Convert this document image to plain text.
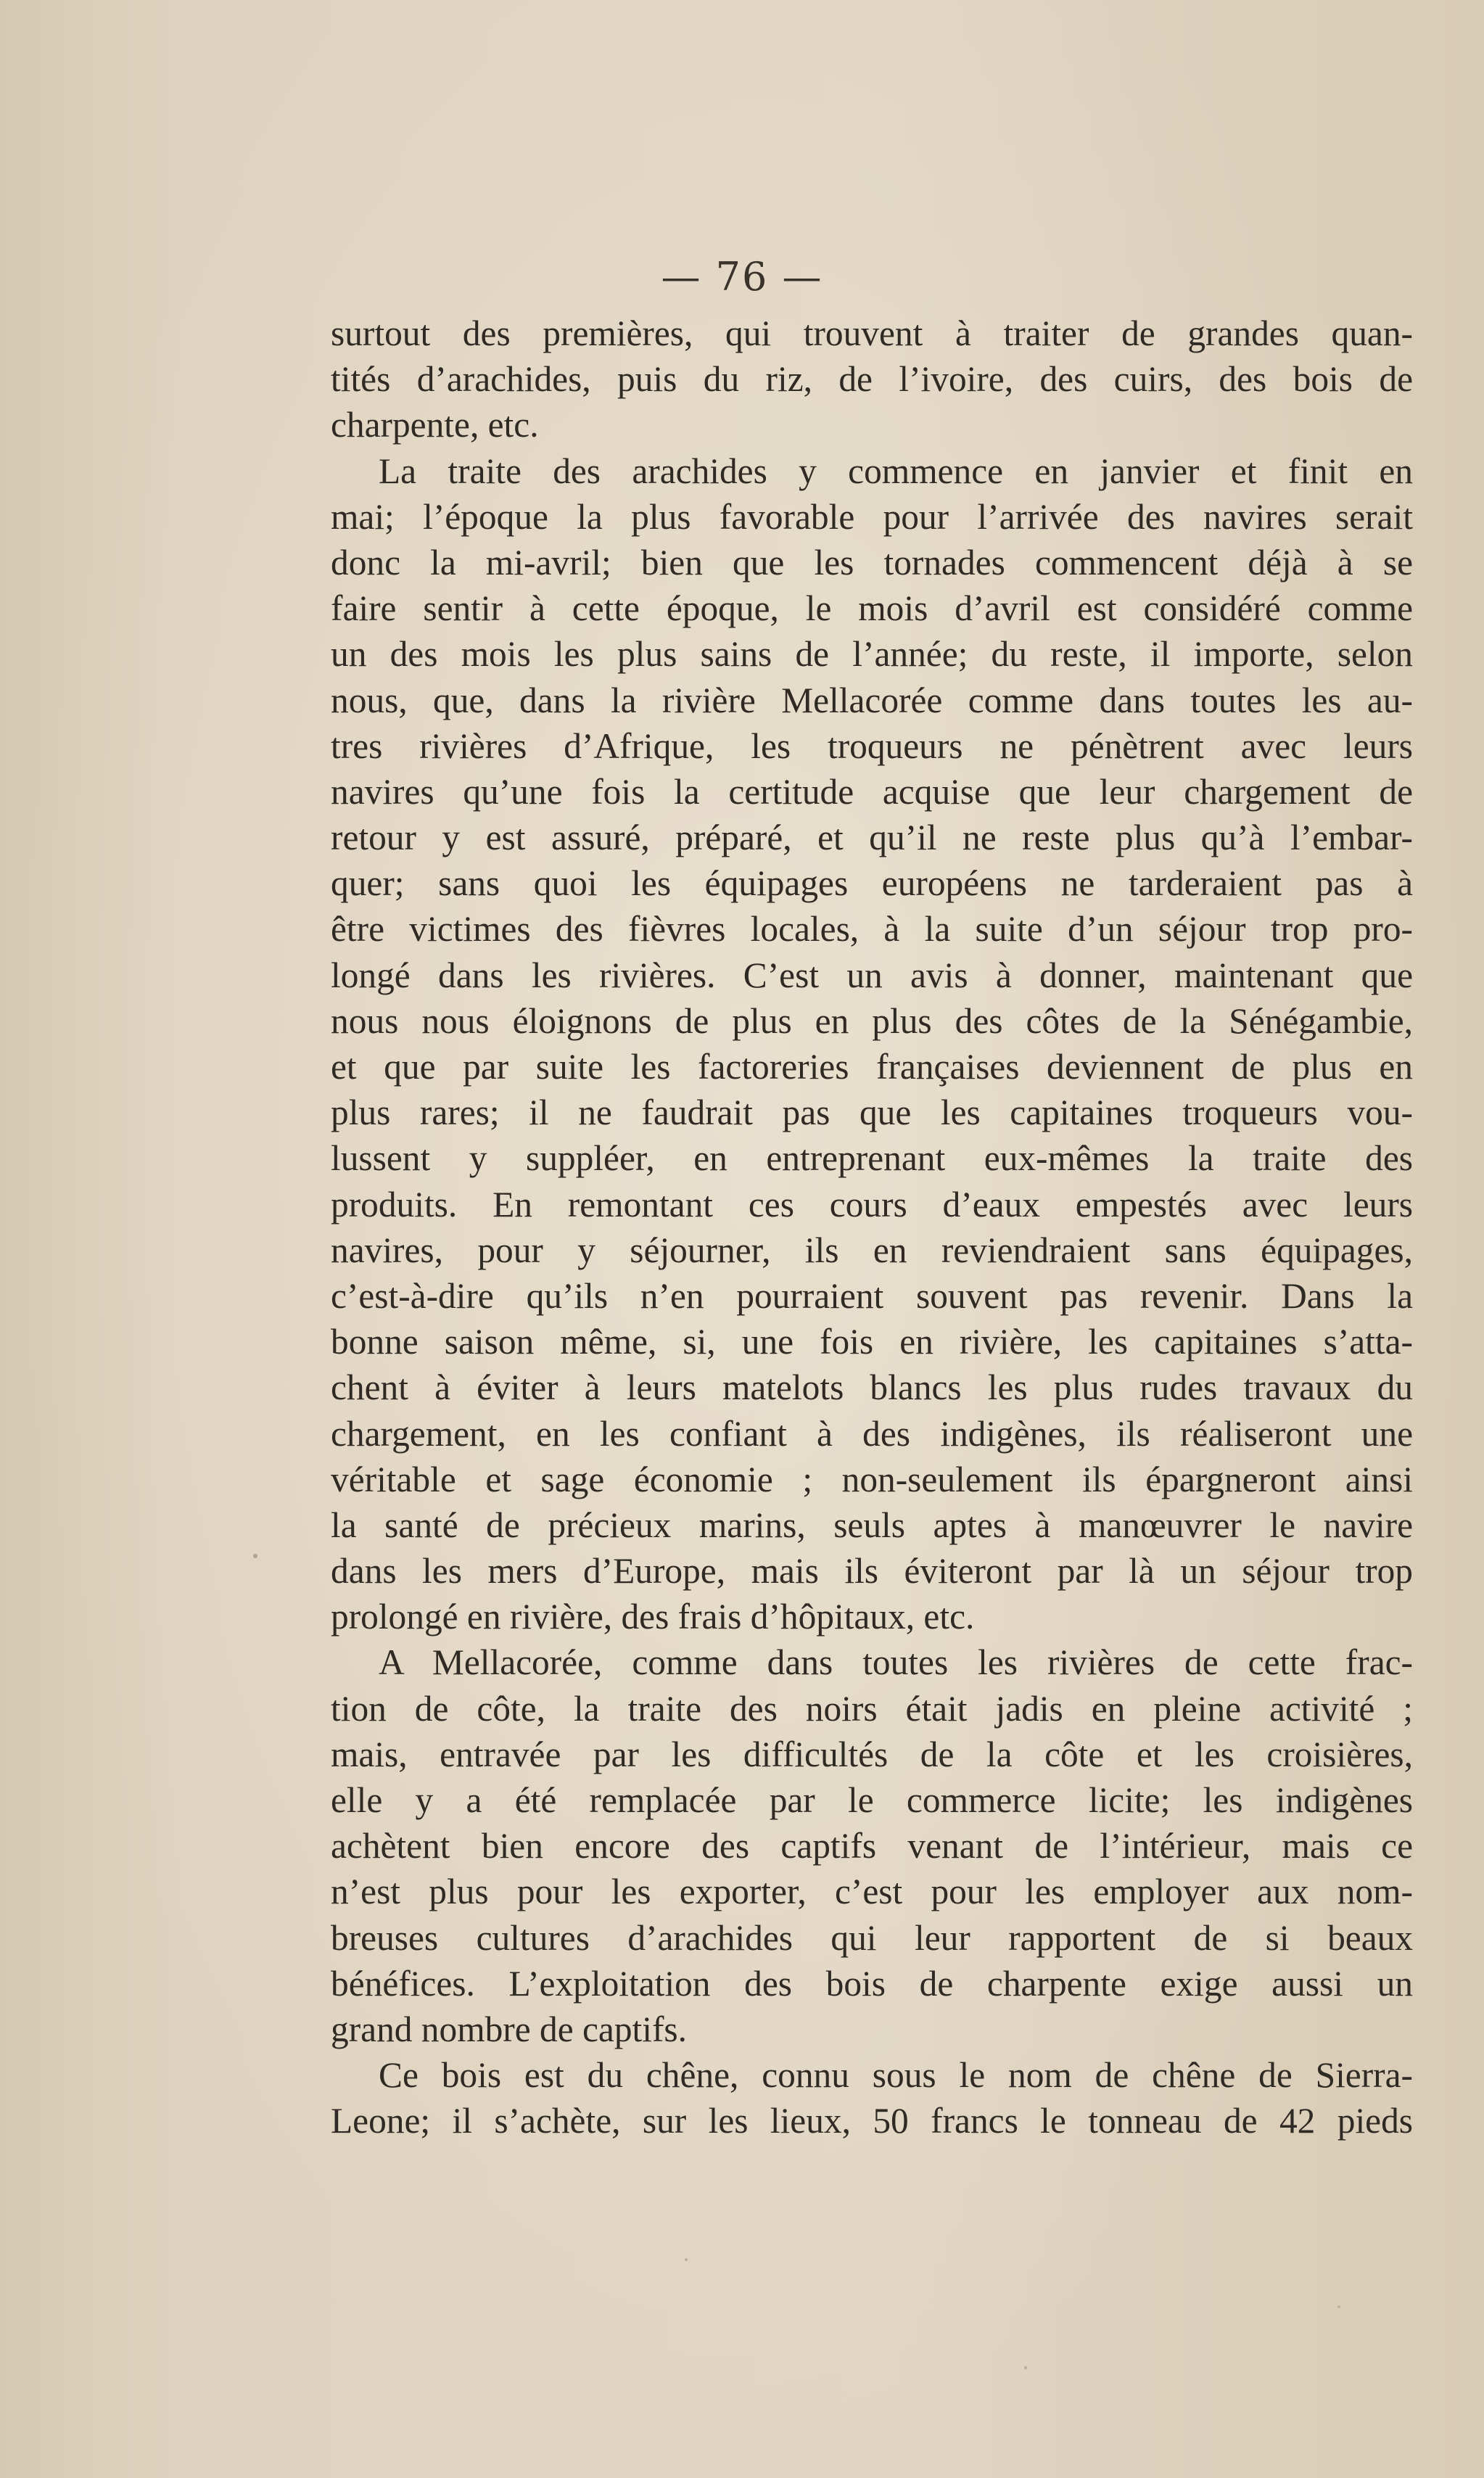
— 76 —
surtout des premières, qui trouvent à traiter de grandes quan-
tités d’arachides, puis du riz, de l’ivoire, des cuirs, des bois de
charpente, etc.
La traite des arachides y commence en janvier et finit en
mai; l’époque la plus favorable pour l’arrivée des navires serait
donc la mi-avril; bien que les tornades commencent déjà à se
faire sentir à cette époque, le mois d’avril est considéré comme
un des mois les plus sains de l’année; du reste, il importe, selon
nous, que, dans la rivière Mellacorée comme dans toutes les au-
tres rivières d’Afrique, les troqueurs ne pénètrent avec leurs
navires qu’une fois la certitude acquise que leur chargement de
retour y est assuré, préparé, et qu’il ne reste plus qu’à l’embar-
quer; sans quoi les équipages européens ne tarderaient pas à
être victimes des fièvres locales, à la suite d’un séjour trop pro-
longé dans les rivières. C’est un avis à donner, maintenant que
nous nous éloignons de plus en plus des côtes de la Sénégambie,
et que par suite les factoreries françaises deviennent de plus en
plus rares; il ne faudrait pas que les capitaines troqueurs vou-
lussent y suppléer, en entreprenant eux-mêmes la traite des
produits. En remontant ces cours d’eaux empestés avec leurs
navires, pour y séjourner, ils en reviendraient sans équipages,
c’est-à-dire qu’ils n’en pourraient souvent pas revenir. Dans la
bonne saison même, si, une fois en rivière, les capitaines s’atta-
chent à éviter à leurs matelots blancs les plus rudes travaux du
chargement, en les confiant à des indigènes, ils réaliseront une
véritable et sage économie ; non-seulement ils épargneront ainsi
la santé de précieux marins, seuls aptes à manœuvrer le navire
dans les mers d’Europe, mais ils éviteront par là un séjour trop
prolongé en rivière, des frais d’hôpitaux, etc.
A Mellacorée, comme dans toutes les rivières de cette frac-
tion de côte, la traite des noirs était jadis en pleine activité ;
mais, entravée par les difficultés de la côte et les croisières,
elle y a été remplacée par le commerce licite; les indigènes
achètent bien encore des captifs venant de l’intérieur, mais ce
n’est plus pour les exporter, c’est pour les employer aux nom-
breuses cultures d’arachides qui leur rapportent de si beaux
bénéfices. L’exploitation des bois de charpente exige aussi un
grand nombre de captifs.
Ce bois est du chêne, connu sous le nom de chêne de Sierra-
Leone; il s’achète, sur les lieux, 50 francs le tonneau de 42 pieds
